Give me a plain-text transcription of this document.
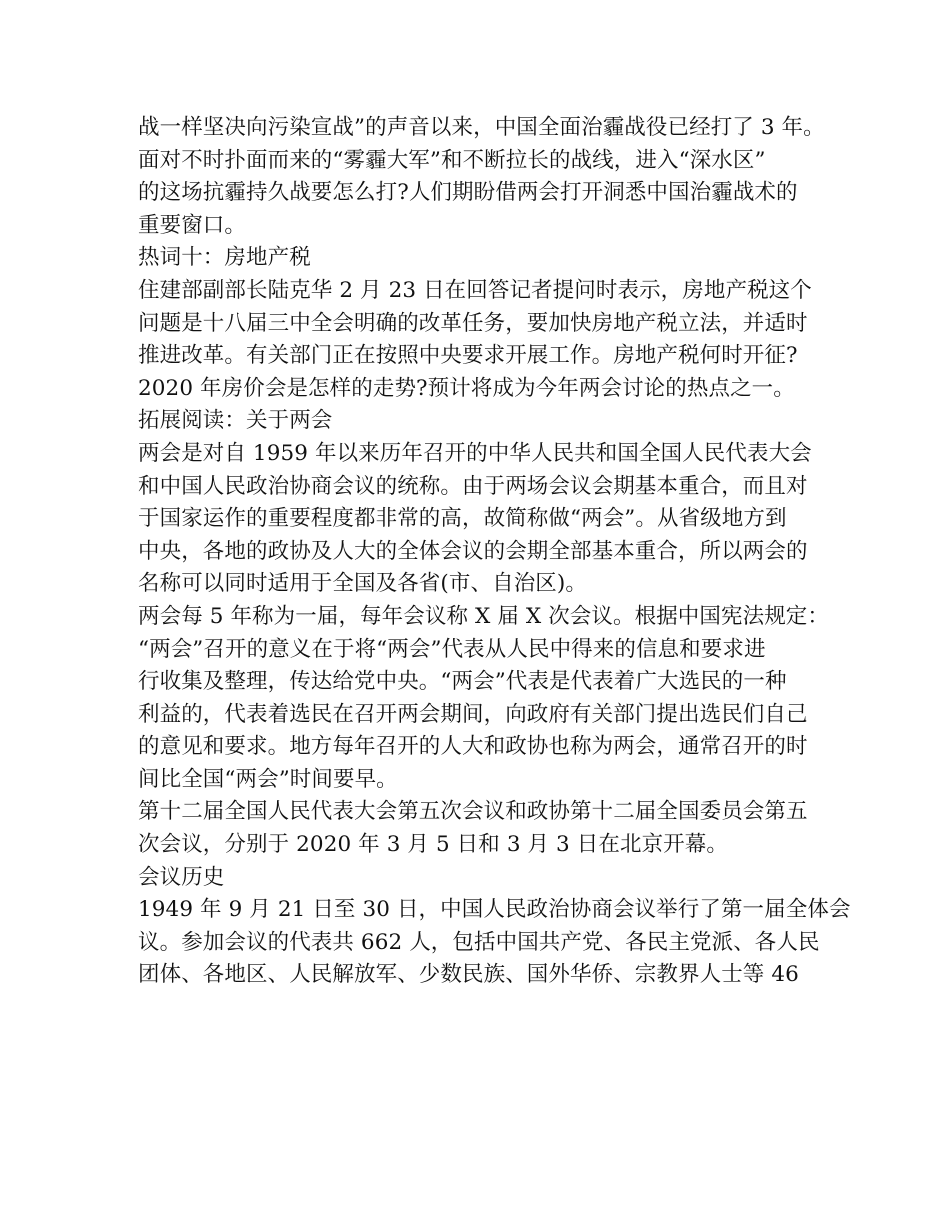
战一样坚决向污染宣战”的声音以来，中国全面治霾战役已经打了 3 年。
面对不时扑面而来的“雾霾大军”和不断拉长的战线，进入“深水区”
的这场抗霾持久战要怎么打?人们期盼借两会打开洞悉中国治霾战术的
重要窗口。
热词十：房地产税
住建部副部长陆克华 2 月 23 日在回答记者提问时表示，房地产税这个
问题是十八届三中全会明确的改革任务，要加快房地产税立法，并适时
推进改革。有关部门正在按照中央要求开展工作。房地产税何时开征?
2020 年房价会是怎样的走势?预计将成为今年两会讨论的热点之一。
拓展阅读：关于两会
两会是对自 1959 年以来历年召开的中华人民共和国全国人民代表大会
和中国人民政治协商会议的统称。由于两场会议会期基本重合，而且对
于国家运作的重要程度都非常的高，故简称做“两会”。从省级地方到
中央，各地的政协及人大的全体会议的会期全部基本重合，所以两会的
名称可以同时适用于全国及各省(市、自治区)。
两会每 5 年称为一届，每年会议称 X 届 X 次会议。根据中国宪法规定：
“两会”召开的意义在于将“两会”代表从人民中得来的信息和要求进
行收集及整理，传达给党中央。“两会”代表是代表着广大选民的一种
利益的，代表着选民在召开两会期间，向政府有关部门提出选民们自己
的意见和要求。地方每年召开的人大和政协也称为两会，通常召开的时
间比全国“两会”时间要早。
第十二届全国人民代表大会第五次会议和政协第十二届全国委员会第五
次会议，分别于 2020 年 3 月 5 日和 3 月 3 日在北京开幕。
会议历史
1949 年 9 月 21 日至 30 日，中国人民政治协商会议举行了第一届全体会
议。参加会议的代表共 662 人，包括中国共产党、各民主党派、各人民
团体、各地区、人民解放军、少数民族、国外华侨、宗教界人士等 46
